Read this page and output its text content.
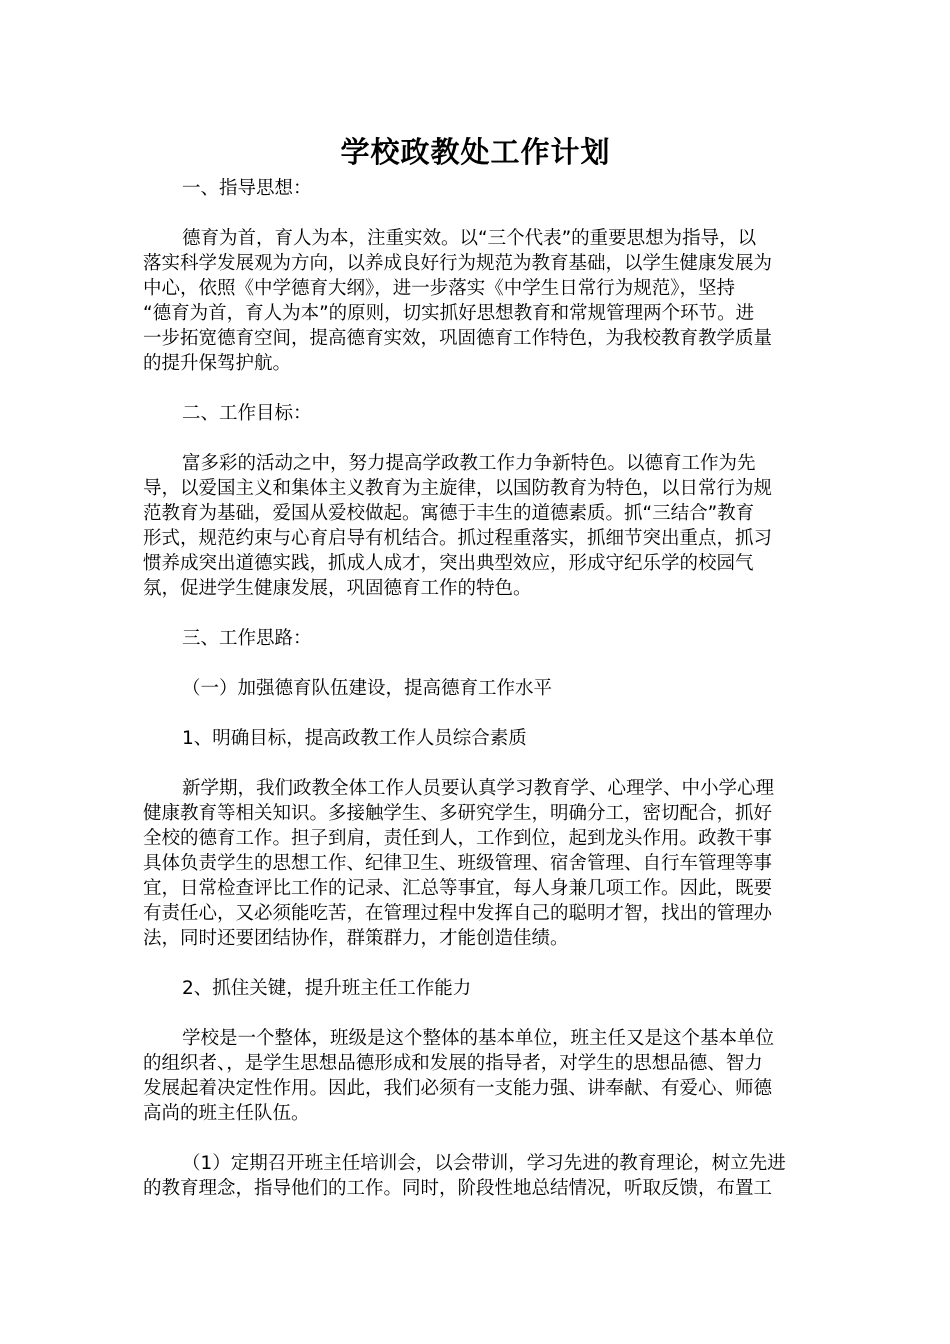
学校政教处工作计划
一、指导思想：
德育为首，育人为本，注重实效。以“三个代表”的重要思想为指导，以
落实科学发展观为方向，以养成良好行为规范为教育基础，以学生健康发展为
中心，依照《中学德育大纲》，进一步落实《中学生日常行为规范》，坚持
“德育为首，育人为本”的原则，切实抓好思想教育和常规管理两个环节。进
一步拓宽德育空间，提高德育实效，巩固德育工作特色，为我校教育教学质量
的提升保驾护航。
二、工作目标：
富多彩的活动之中，努力提高学政教工作力争新特色。以德育工作为先
导，以爱国主义和集体主义教育为主旋律，以国防教育为特色，以日常行为规
范教育为基础，爱国从爱校做起。寓德于丰生的道德素质。抓“三结合”教育
形式，规范约束与心育启导有机结合。抓过程重落实，抓细节突出重点，抓习
惯养成突出道德实践，抓成人成才，突出典型效应，形成守纪乐学的校园气
氛，促进学生健康发展，巩固德育工作的特色。
三、工作思路：
（一）加强德育队伍建设，提高德育工作水平
1、明确目标，提高政教工作人员综合素质
新学期，我们政教全体工作人员要认真学习教育学、心理学、中小学心理
健康教育等相关知识。多接触学生、多研究学生，明确分工，密切配合，抓好
全校的德育工作。担子到肩，责任到人，工作到位，起到龙头作用。政教干事
具体负责学生的思想工作、纪律卫生、班级管理、宿舍管理、自行车管理等事
宜，日常检查评比工作的记录、汇总等事宜，每人身兼几项工作。因此，既要
有责任心，又必须能吃苦，在管理过程中发挥自己的聪明才智，找出的管理办
法，同时还要团结协作，群策群力，才能创造佳绩。
2、抓住关键，提升班主任工作能力
学校是一个整体，班级是这个整体的基本单位，班主任又是这个基本单位
的组织者、，是学生思想品德形成和发展的指导者，对学生的思想品德、智力
发展起着决定性作用。因此，我们必须有一支能力强、讲奉献、有爱心、师德
高尚的班主任队伍。
（1）定期召开班主任培训会，以会带训，学习先进的教育理论，树立先进
的教育理念，指导他们的工作。同时，阶段性地总结情况，听取反馈，布置工
